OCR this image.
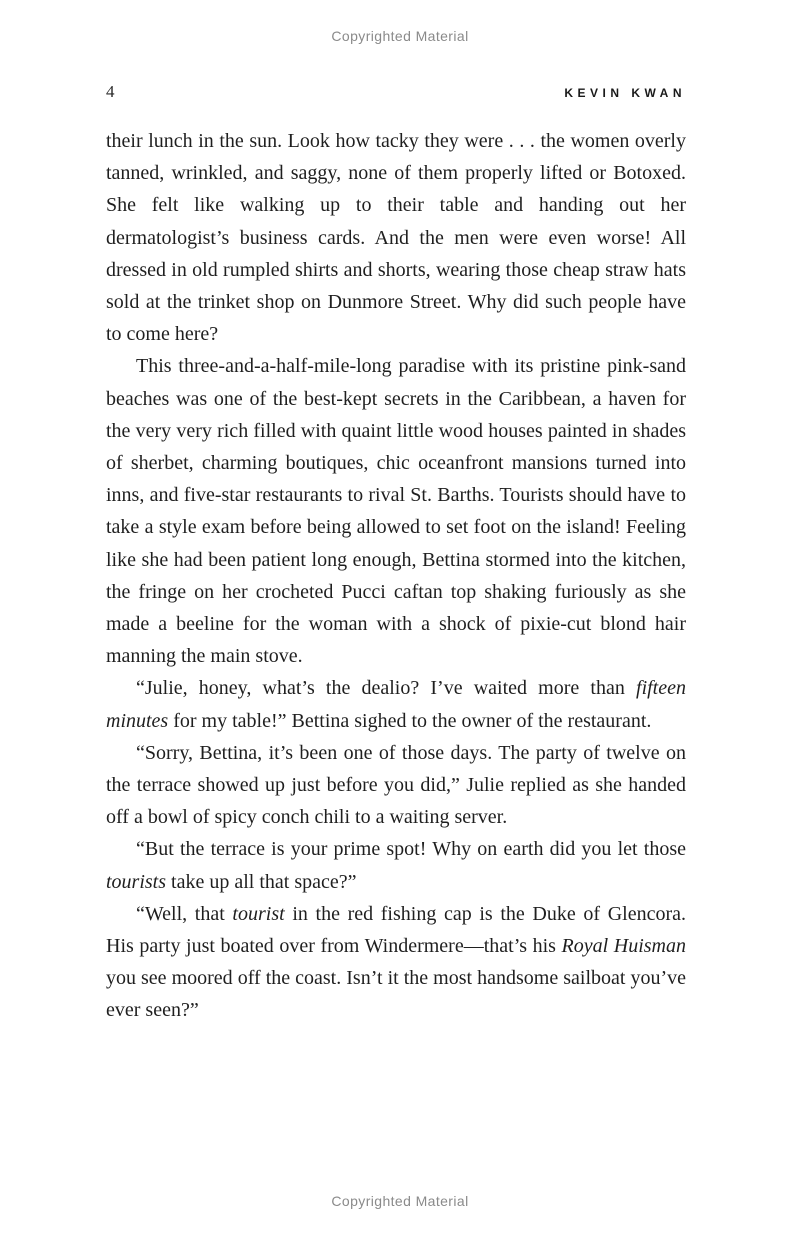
Copyrighted Material
4	KEVIN KWAN

their lunch in the sun. Look how tacky they were . . . the women overly tanned, wrinkled, and saggy, none of them properly lifted or Botoxed. She felt like walking up to their table and handing out her dermatologist’s business cards. And the men were even worse! All dressed in old rumpled shirts and shorts, wearing those cheap straw hats sold at the trinket shop on Dunmore Street. Why did such people have to come here?

This three-and-a-half-mile-long paradise with its pristine pink-sand beaches was one of the best-kept secrets in the Caribbean, a haven for the very very rich filled with quaint little wood houses painted in shades of sherbet, charming boutiques, chic oceanfront mansions turned into inns, and five-star restaurants to rival St. Barths. Tourists should have to take a style exam before being allowed to set foot on the island! Feeling like she had been patient long enough, Bettina stormed into the kitchen, the fringe on her crocheted Pucci caftan top shaking furiously as she made a beeline for the woman with a shock of pixie-cut blond hair manning the main stove.

“Julie, honey, what’s the dealio? I’ve waited more than fifteen minutes for my table!” Bettina sighed to the owner of the restaurant.

“Sorry, Bettina, it’s been one of those days. The party of twelve on the terrace showed up just before you did,” Julie replied as she handed off a bowl of spicy conch chili to a waiting server.

“But the terrace is your prime spot! Why on earth did you let those tourists take up all that space?”

“Well, that tourist in the red fishing cap is the Duke of Glencora. His party just boated over from Windermere—that’s his Royal Huisman you see moored off the coast. Isn’t it the most handsome sailboat you’ve ever seen?”

Copyrighted Material
